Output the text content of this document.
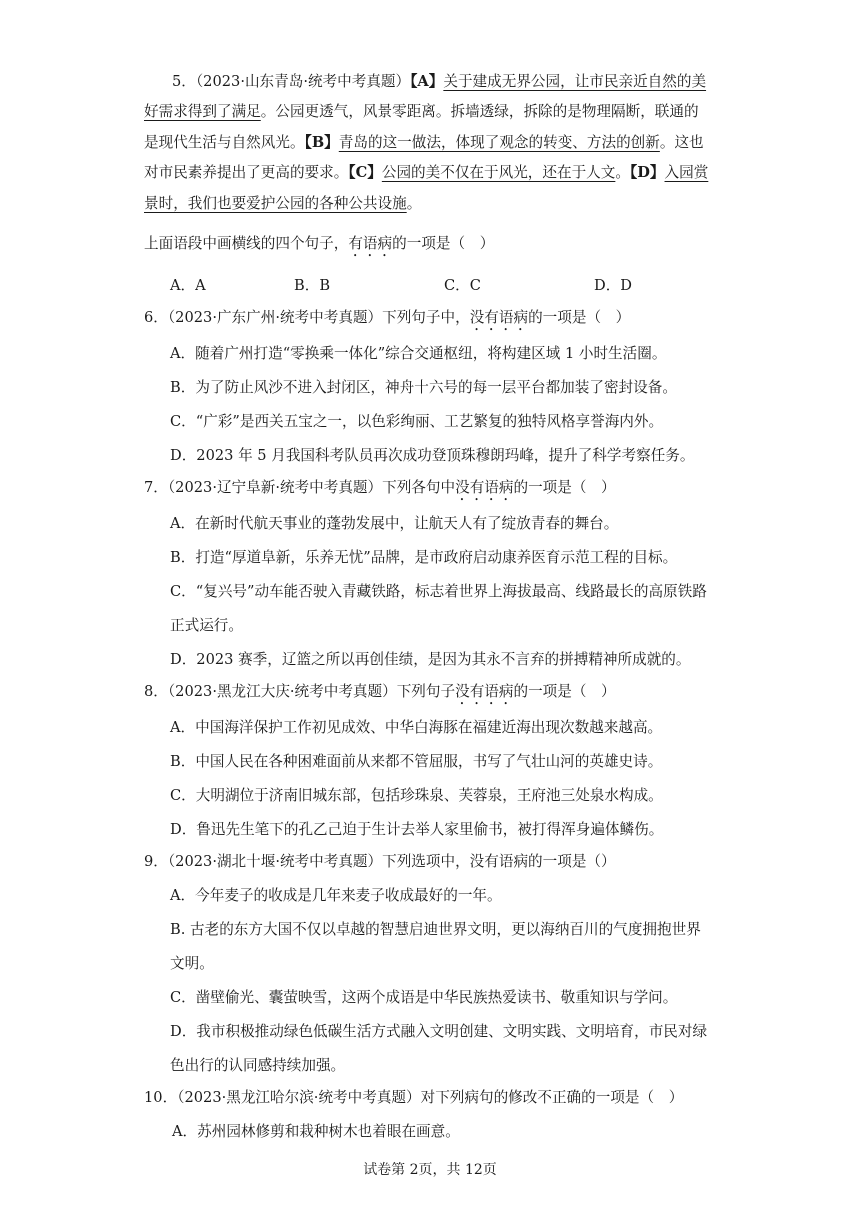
5．（2023·山东青岛·统考中考真题）【A】关于建成无界公园，让市民亲近自然的美
好需求得到了满足。公园更透气，风景零距离。拆墙透绿，拆除的是物理隔断，联通的
是现代生活与自然风光。【B】青岛的这一做法，体现了观念的转变、方法的创新。这也
对市民素养提出了更高的要求。【C】公园的美不仅在于风光，还在于人文。【D】入园赏
景时，我们也要爱护公园的各种公共设施。
上面语段中画横线的四个句子，有语病的一项是（　）
A．A	B．B	C．C	D．D
6．（2023·广东广州·统考中考真题）下列句子中，没有语病的一项是（　）
A．随着广州打造“零换乘一体化”综合交通枢纽，将构建区域 1 小时生活圈。
B．为了防止风沙不进入封闭区，神舟十六号的每一层平台都加装了密封设备。
C．“广彩”是西关五宝之一，以色彩绚丽、工艺繁复的独特风格享誉海内外。
D．2023 年 5 月我国科考队员再次成功登顶珠穆朗玛峰，提升了科学考察任务。
7．（2023·辽宁阜新·统考中考真题）下列各句中没有语病的一项是（　）
A．在新时代航天事业的蓬勃发展中，让航天人有了绽放青春的舞台。
B．打造“厚道阜新，乐养无忧”品牌，是市政府启动康养医育示范工程的目标。
C．“复兴号”动车能否驶入青藏铁路，标志着世界上海拔最高、线路最长的高原铁路
正式运行。
D．2023 赛季，辽篮之所以再创佳绩，是因为其永不言弃的拼搏精神所成就的。
8．（2023·黑龙江大庆·统考中考真题）下列句子没有语病的一项是（　）
A．中国海洋保护工作初见成效、中华白海豚在福建近海出现次数越来越高。
B．中国人民在各种困难面前从来都不管屈服，书写了气壮山河的英雄史诗。
C．大明湖位于济南旧城东部，包括珍珠泉、芙蓉泉，王府池三处泉水构成。
D．鲁迅先生笔下的孔乙己迫于生计去举人家里偷书，被打得浑身遍体鳞伤。
9．（2023·湖北十堰·统考中考真题）下列选项中，没有语病的一项是（）
A．今年麦子的收成是几年来麦子收成最好的一年。
B. 古老的东方大国不仅以卓越的智慧启迪世界文明，更以海纳百川的气度拥抱世界
文明。
C．凿壁偷光、囊萤映雪，这两个成语是中华民族热爱读书、敬重知识与学问。
D．我市积极推动绿色低碳生活方式融入文明创建、文明实践、文明培育，市民对绿
色出行的认同感持续加强。
10．（2023·黑龙江哈尔滨·统考中考真题）对下列病句的修改不正确的一项是（　）
A．苏州园林修剪和栽种树木也着眼在画意。
试卷第 2页，共 12页
